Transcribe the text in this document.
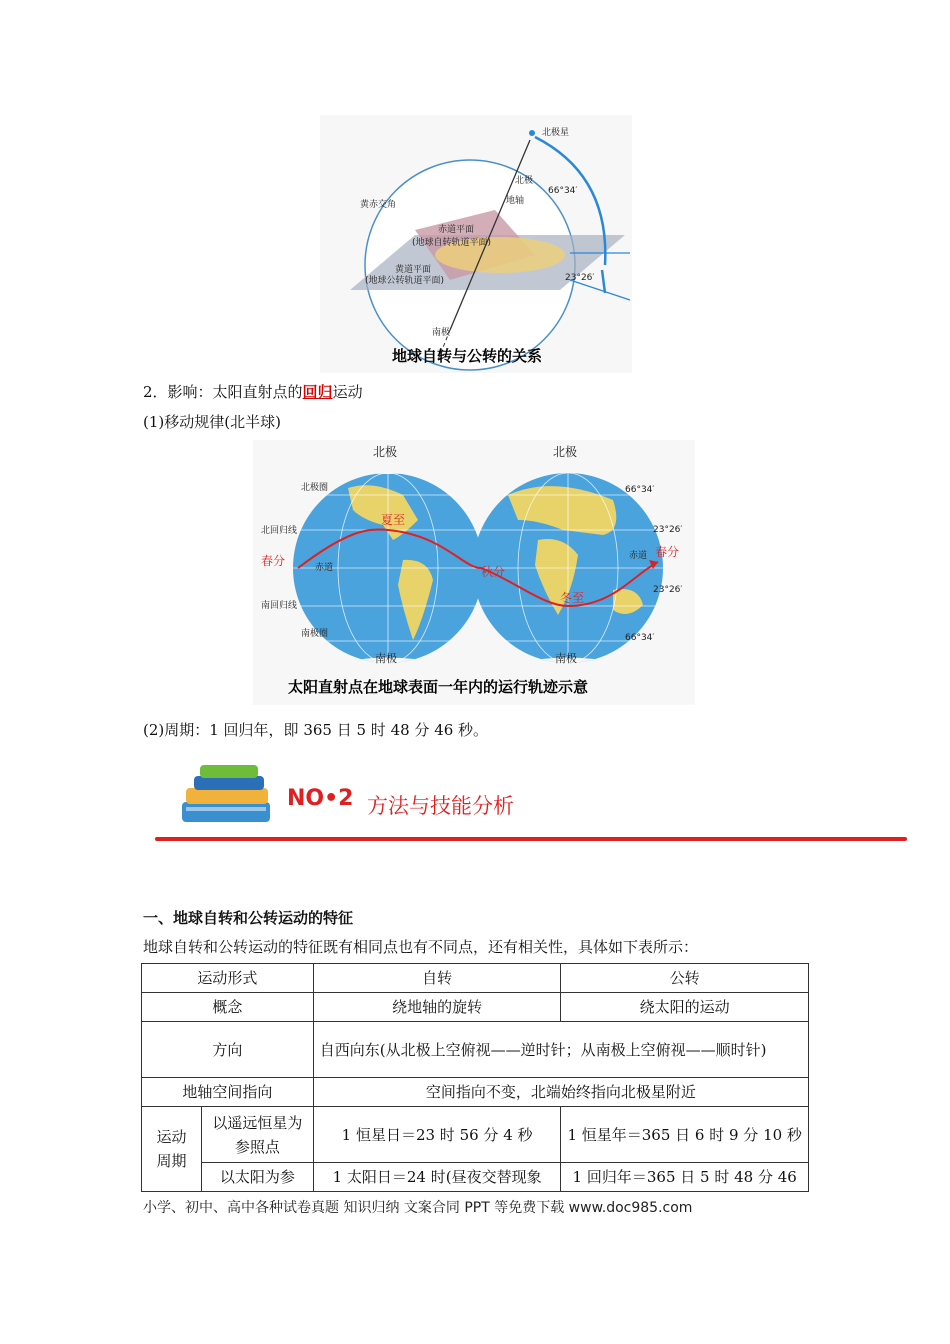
北极星
北极
地轴
南极
黄赤交角
赤道平面
(地球自转轨道平面)
黄道平面
(地球公转轨道平面)
66°34′
23°26′
地球自转与公转的关系
2．影响：太阳直射点的回归运动
(1)移动规律(北半球)
北极	北极
南极	南极
北极圈
北回归线
赤道
南回归线
南极圈
赤道
春分
夏至
秋分
冬至
春分
66°34′
23°26′
23°26′
66°34′
太阳直射点在地球表面一年内的运行轨迹示意
(2)周期：1 回归年，即 365 日 5 时 48 分 46 秒。
NO•2 方法与技能分析
一、地球自转和公转运动的特征
地球自转和公转运动的特征既有相同点也有不同点，还有相关性，具体如下表所示：
运动形式		自转	公转
概念		绕地轴的旋转	绕太阳的运动
方向		自西向东(从北极上空俯视——逆时针；从南极上空俯视——顺时针)	
地轴空间指向		空间指向不变，北端始终指向北极星附近	
运动周期	以遥远恒星为参照点	1 恒星日＝23 时 56 分 4 秒	1 恒星年＝365 日 6 时 9 分 10 秒
	以太阳为参	1 太阳日＝24 时(昼夜交替现象	1 回归年＝365 日 5 时 48 分 46
小学、初中、高中各种试卷真题 知识归纳 文案合同 PPT 等免费下载 www.doc985.com
